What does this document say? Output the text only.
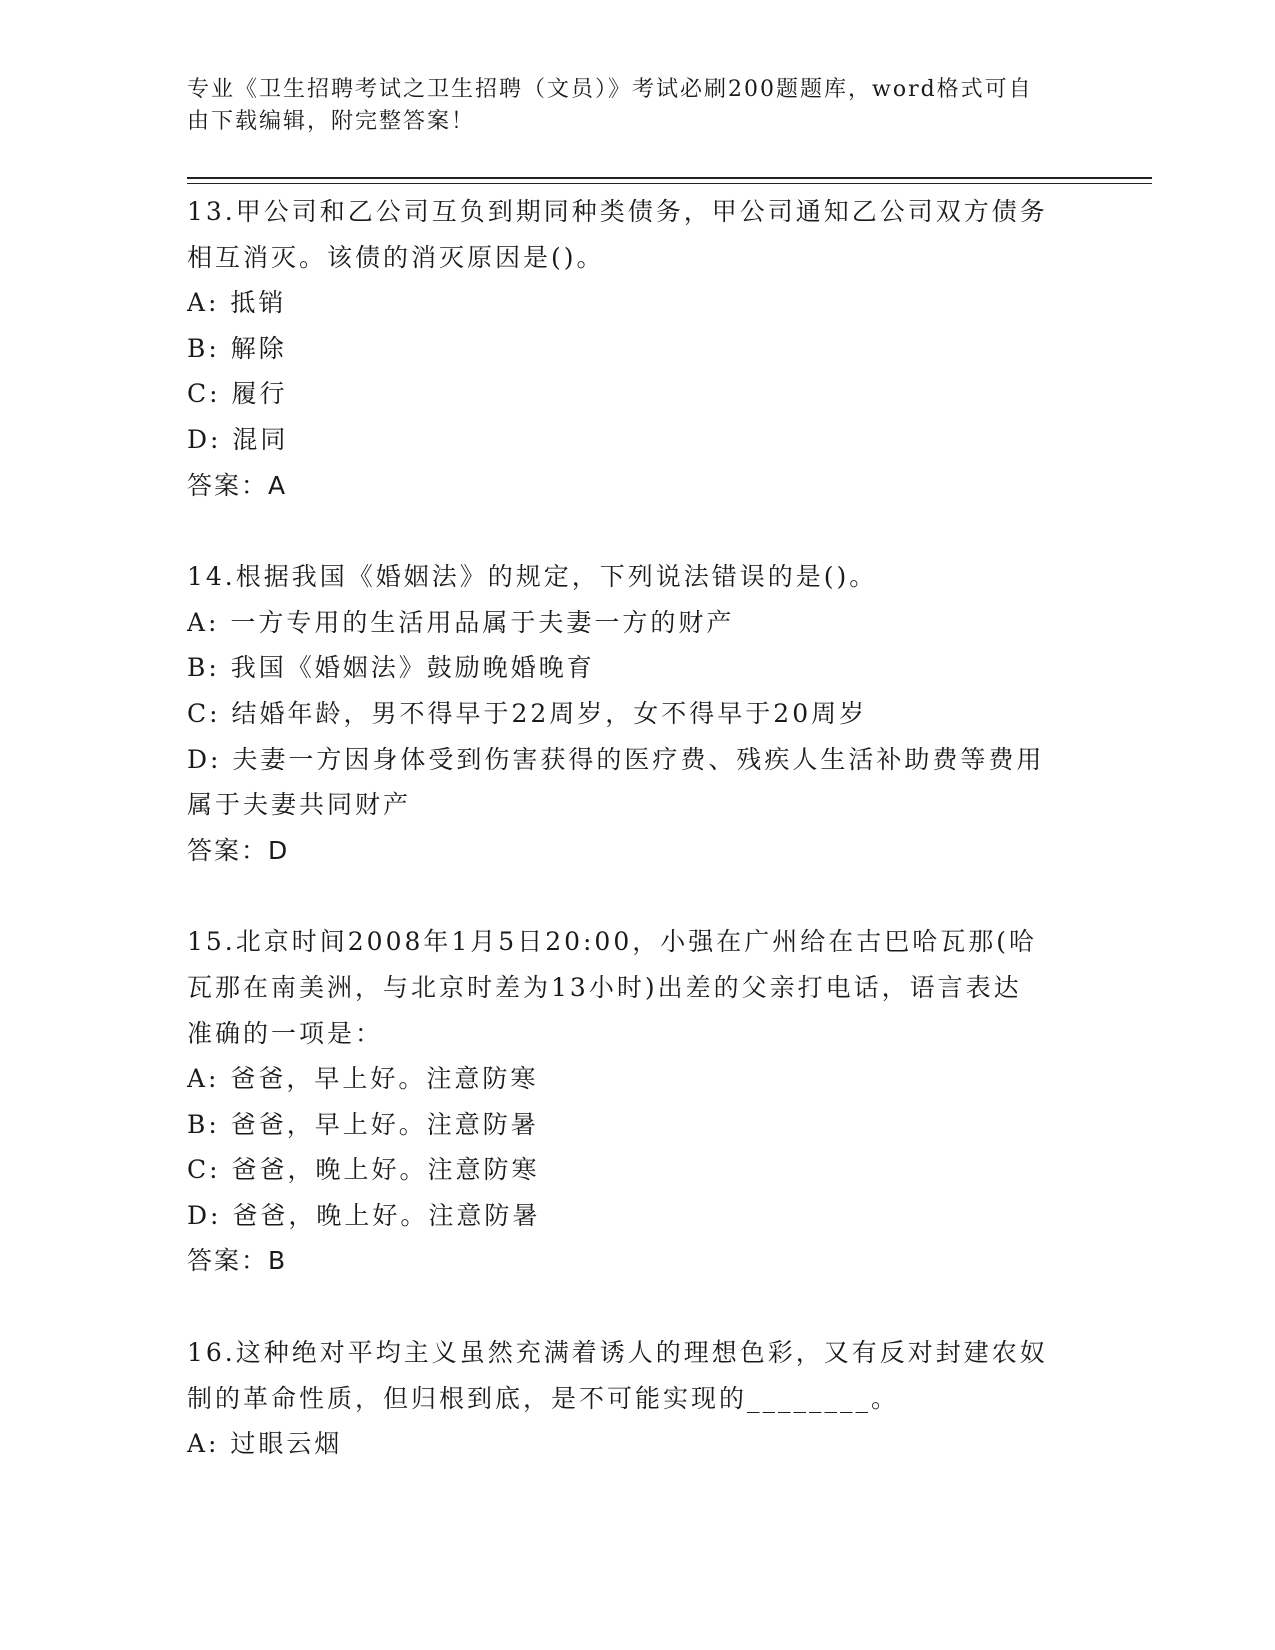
专业《卫生招聘考试之卫生招聘（文员）》考试必刷200题题库，word格式可自
由下载编辑，附完整答案！
13.甲公司和乙公司互负到期同种类债务，甲公司通知乙公司双方债务
相互消灭。该债的消灭原因是()。
A: 抵销
B: 解除
C: 履行
D: 混同
答案：A
14.根据我国《婚姻法》的规定，下列说法错误的是()。
A: 一方专用的生活用品属于夫妻一方的财产
B: 我国《婚姻法》鼓励晚婚晚育
C: 结婚年龄，男不得早于22周岁，女不得早于20周岁
D: 夫妻一方因身体受到伤害获得的医疗费、残疾人生活补助费等费用
属于夫妻共同财产
答案：D
15.北京时间2008年1月5日20:00，小强在广州给在古巴哈瓦那(哈
瓦那在南美洲，与北京时差为13小时)出差的父亲打电话，语言表达
准确的一项是：
A: 爸爸，早上好。注意防寒
B: 爸爸，早上好。注意防暑
C: 爸爸，晚上好。注意防寒
D: 爸爸，晚上好。注意防暑
答案：B
16.这种绝对平均主义虽然充满着诱人的理想色彩，又有反对封建农奴
制的革命性质，但归根到底，是不可能实现的________。
A: 过眼云烟
